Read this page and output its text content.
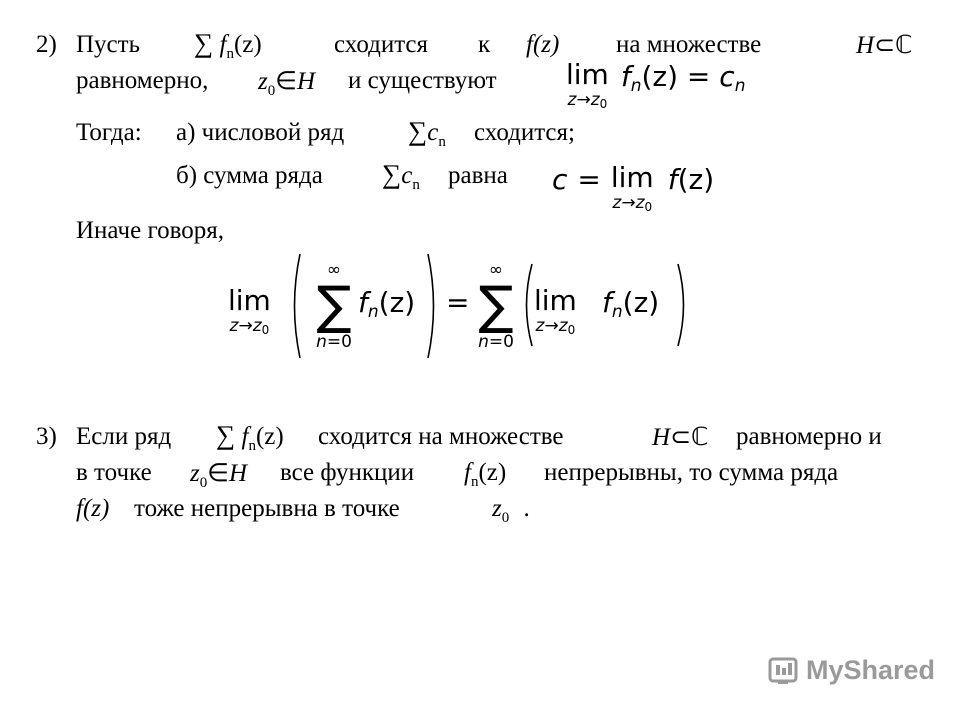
2) Пусть ∑ $f_n(z)$	сходится к f(z) на множестве	H⊂ℂ
равномерно, $z_0\in H$ и существуют lim
z→z0
fn(z) = cn
Тогда: а) числовой ряд $\sum c_n$ сходится;
б) сумма ряда $\sum c_n$ равна c = lim
z→z0
f(z)
Иначе говоря,
lim
z→z0
∞
∑
n=0
fn(z) =
∞
∑
n=0
lim
z→z0
fn(z)
3) Если ряд ∑ $f_n(z)$ сходится на множестве	H⊂ℂ равномерно и
в точке $z_0\in H$ все функции $f_n(z)$ непрерывны, то сумма ряда
f(z) тоже непрерывна в точке	$z_0$ .
MyShared
